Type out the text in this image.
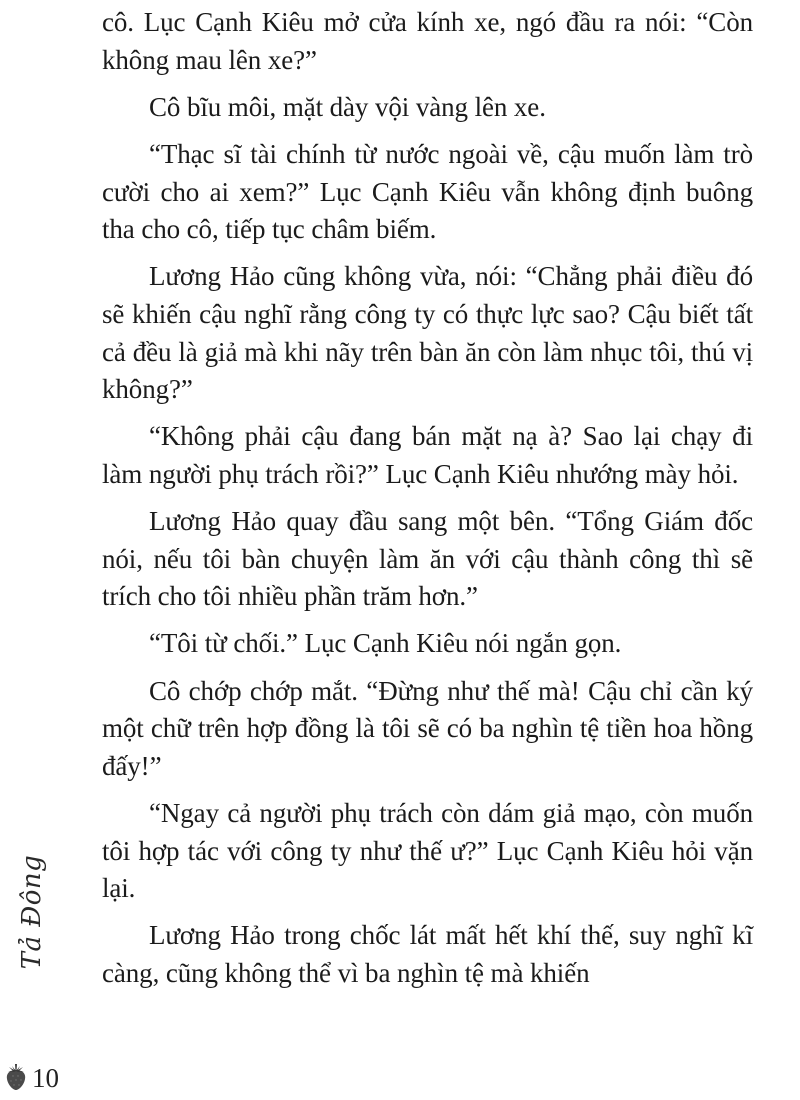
cô. Lục Cạnh Kiêu mở cửa kính xe, ngó đầu ra nói: “Còn không mau lên xe?”

Cô bĩu môi, mặt dày vội vàng lên xe.

“Thạc sĩ tài chính từ nước ngoài về, cậu muốn làm trò cười cho ai xem?” Lục Cạnh Kiêu vẫn không định buông tha cho cô, tiếp tục châm biếm.

Lương Hảo cũng không vừa, nói: “Chẳng phải điều đó sẽ khiến cậu nghĩ rằng công ty có thực lực sao? Cậu biết tất cả đều là giả mà khi nãy trên bàn ăn còn làm nhục tôi, thú vị không?”

“Không phải cậu đang bán mặt nạ à? Sao lại chạy đi làm người phụ trách rồi?” Lục Cạnh Kiêu nhướng mày hỏi.

Lương Hảo quay đầu sang một bên. “Tổng Giám đốc nói, nếu tôi bàn chuyện làm ăn với cậu thành công thì sẽ trích cho tôi nhiều phần trăm hơn.”

“Tôi từ chối.” Lục Cạnh Kiêu nói ngắn gọn.

Cô chớp chớp mắt. “Đừng như thế mà! Cậu chỉ cần ký một chữ trên hợp đồng là tôi sẽ có ba nghìn tệ tiền hoa hồng đấy!”

“Ngay cả người phụ trách còn dám giả mạo, còn muốn tôi hợp tác với công ty như thế ư?” Lục Cạnh Kiêu hỏi vặn lại.

Lương Hảo trong chốc lát mất hết khí thế, suy nghĩ kĩ càng, cũng không thể vì ba nghìn tệ mà khiến

Tả Đông
10
